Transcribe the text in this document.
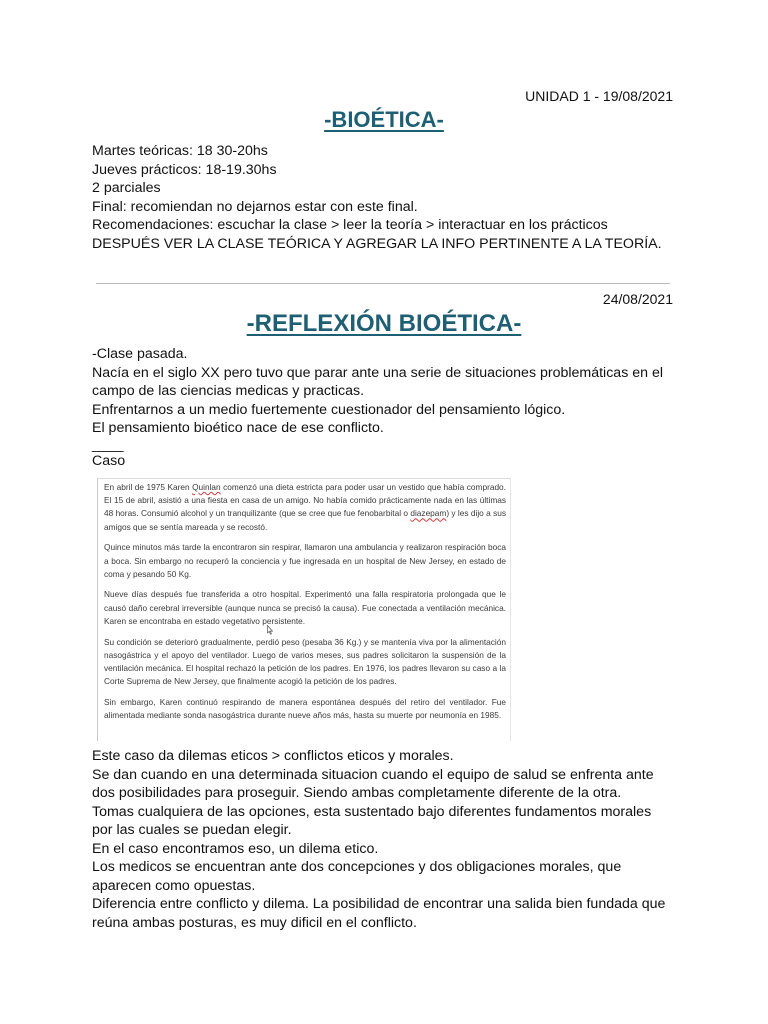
UNIDAD 1 - 19/08/2021
-BIOÉTICA-
Martes teóricas: 18 30-20hs
Jueves prácticos: 18-19.30hs
2 parciales
Final: recomiendan no dejarnos estar con este final.
Recomendaciones: escuchar la clase > leer la teoría > interactuar en los prácticos
DESPUÉS VER LA CLASE TEÓRICA Y AGREGAR LA INFO PERTINENTE A LA TEORÍA.
24/08/2021
-REFLEXIÓN BIOÉTICA-
-Clase pasada.
Nacía en el siglo XX pero tuvo que parar ante una serie de situaciones problemáticas en el
campo de las ciencias medicas y practicas.
Enfrentarnos a un medio fuertemente cuestionador del pensamiento lógico.
El pensamiento bioético nace de ese conflicto.
____
Caso

En abril de 1975 Karen Quinlan comenzó una dieta estricta para poder usar un vestido que había comprado. El 15 de abril, asistió a una fiesta en casa de un amigo. No había comido prácticamente nada en las últimas 48 horas. Consumió alcohol y un tranquilizante (que se cree que fue fenobarbital o diazepam) y les dijo a sus amigos que se sentía mareada y se recostó.

Quince minutos más tarde la encontraron sin respirar, llamaron una ambulancia y realizaron respiración boca a boca. Sin embargo no recuperó la conciencia y fue ingresada en un hospital de New Jersey, en estado de coma y pesando 50 Kg.

Nueve días después fue transferida a otro hospital. Experimentó una falla respiratoria prolongada que le causó daño cerebral irreversible (aunque nunca se precisó la causa). Fue conectada a ventilación mecánica. Karen se encontraba en estado vegetativo persistente.

Su condición se deterioró gradualmente, perdió peso (pesaba 36 Kg.) y se mantenía viva por la alimentación nasogástrica y el apoyo del ventilador. Luego de varios meses, sus padres solicitaron la suspensión de la ventilación mecánica. El hospital rechazó la petición de los padres. En 1976, los padres llevaron su caso a la Corte Suprema de New Jersey, que finalmente acogió la petición de los padres.

Sin embargo, Karen continuó respirando de manera espontánea después del retiro del ventilador. Fue alimentada mediante sonda nasogástrica durante nueve años más, hasta su muerte por neumonía en 1985.

Este caso da dilemas eticos > conflictos eticos y morales.
Se dan cuando en una determinada situacion cuando el equipo de salud se enfrenta ante
dos posibilidades para proseguir. Siendo ambas completamente diferente de la otra.
Tomas cualquiera de las opciones, esta sustentado bajo diferentes fundamentos morales
por las cuales se puedan elegir.
En el caso encontramos eso, un dilema etico.
Los medicos se encuentran ante dos concepciones y dos obligaciones morales, que
aparecen como opuestas.
Diferencia entre conflicto y dilema. La posibilidad de encontrar una salida bien fundada que
reúna ambas posturas, es muy dificil en el conflicto.
